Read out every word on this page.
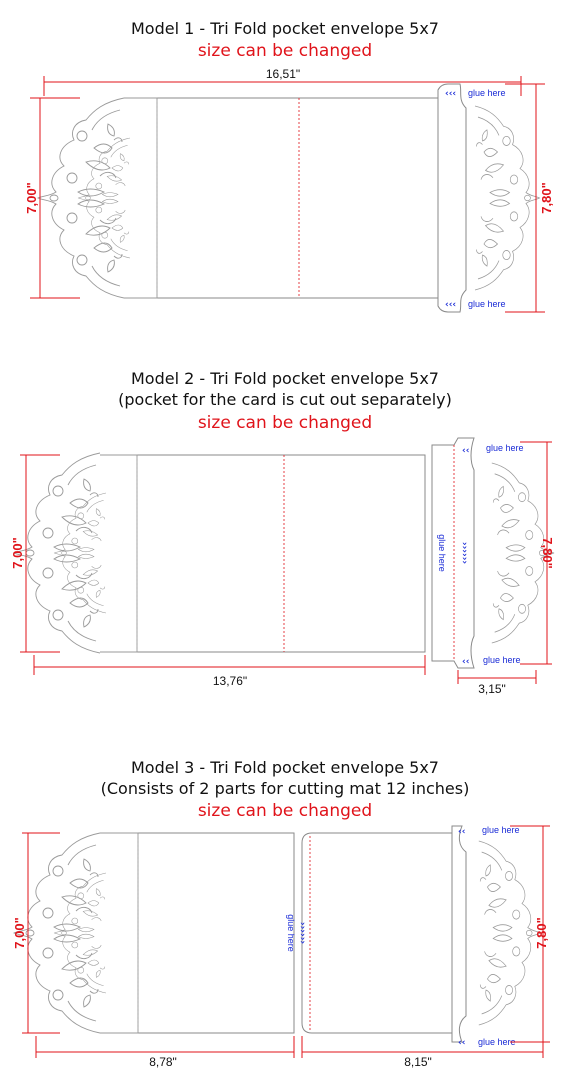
Model 1 - Tri Fold pocket envelope 5x7
size can be changed
Model 2 - Tri Fold pocket envelope 5x7
(pocket for the card is cut out separately)
size can be changed
Model 3 - Tri Fold pocket envelope 5x7
(Consists of 2 parts for cutting mat 12 inches)
size can be changed
‹‹‹ glue here
‹‹‹ glue here
16,51"
7,00"	7,80"
‹‹ glue here
‹‹ glue here
glue here ››››››
13,76"
3,15"
7,00"	7,80"
‹‹ glue here
‹‹ glue here
glue here ››››››
8,78"	8,15"
7,00"	7,80"
